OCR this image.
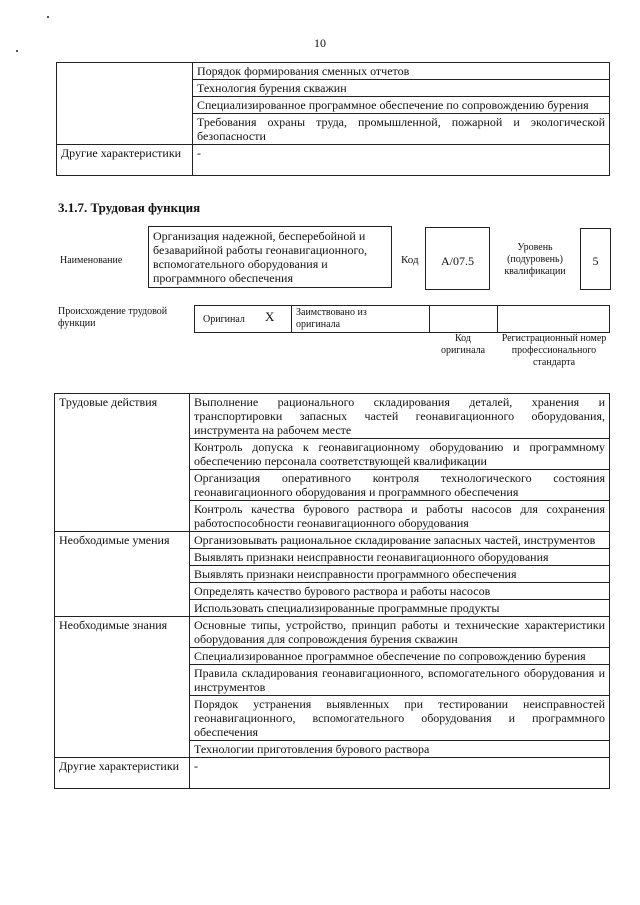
10
	Порядок формирования сменных отчетов
	Технология бурения скважин
	Специализированное программное обеспечение по сопровождению бурения
	Требования охраны труда, промышленной, пожарной и экологической безопасности
Другие характеристики	-
3.1.7. Трудовая функция
Наименование
Организация надежной, бесперебойной и безаварийной работы геонавигационного, вспомогательного оборудования и программного обеспечения
Код	А/07.5
Уровень (подуровень) квалификации
5
Происхождение трудовой функции	Оригинал X Заимствовано из оригинала
Код оригинала
Регистрационный номер профессионального стандарта
Трудовые действия	Выполнение рационального складирования деталей, хранения и транспортировки запасных частей геонавигационного оборудования, инструмента на рабочем месте
	Контроль допуска к геонавигационному оборудованию и программному обеспечению персонала соответствующей квалификации
	Организация оперативного контроля технологического состояния геонавигационного оборудования и программного обеспечения
	Контроль качества бурового раствора и работы насосов для сохранения работоспособности геонавигационного оборудования
Необходимые умения	Организовывать рациональное складирование запасных частей, инструментов
	Выявлять признаки неисправности геонавигационного оборудования
	Выявлять признаки неисправности программного обеспечения
	Определять качество бурового раствора и работы насосов
	Использовать специализированные программные продукты
Необходимые знания	Основные типы, устройство, принцип работы и технические характеристики оборудования для сопровождения бурения скважин
	Специализированное программное обеспечение по сопровождению бурения
	Правила складирования геонавигационного, вспомогательного оборудования и инструментов
	Порядок устранения выявленных при тестировании неисправностей геонавигационного, вспомогательного оборудования и программного обеспечения
	Технологии приготовления бурового раствора
Другие характеристики	-
